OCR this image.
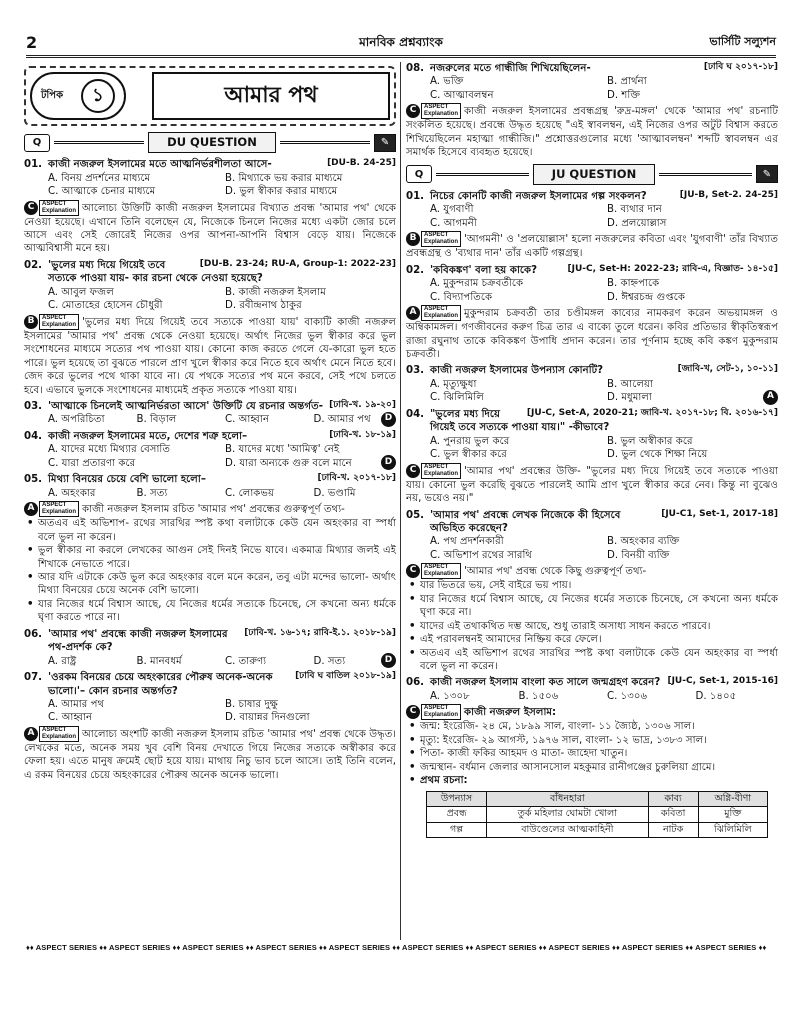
2	মানবিক প্রশ্নব্যাংক	ভার্সিটি সল্যুশন
টপিক	১	আমার পথ
Q	DU QUESTION	✎
01.	[DU-B. 24-25]
কাজী নজরুল ইসলামের মতে আত্মনির্ভরশীলতা আসে-
A. বিনয় প্রদর্শনের মাধ্যমে	B. মিথ্যাকে ভয় করার মাধ্যমে
C. আত্মাকে চেনার মাধ্যমে	D. ভুল স্বীকার করার মাধ্যমে
C	ASPECT
Explanation আলোচ্য উক্তিটি কাজী নজরুল ইসলামের বিখ্যাত প্রবন্ধ 'আমার পথ' থেকে নেওয়া হয়েছে। এখানে তিনি বলেছেন যে, নিজেকে চিনলে নিজের মধ্যে একটা জোর চলে আসে এবং সেই জোরেই নিজের ওপর আপনা-আপনি বিশ্বাস বেড়ে যায়। নিজেকে আত্মবিশ্বাসী মনে হয়।
02.	[DU-B. 23-24; RU-A, Group-1: 2022-23]
'ভুলের মধ্য দিয়ে গিয়েই তবে সত্যকে পাওয়া যায়- কার রচনা থেকে নেওয়া হয়েছে?
A. আবুল ফজল	B. কাজী নজরুল ইসলাম
C. মোতাহের হোসেন চৌধুরী	D. রবীন্দ্রনাথ ঠাকুর
B	ASPECT
Explanation 'ভুলের মধ্য দিয়ে গিয়েই তবে সত্যকে পাওয়া যায়' বাক্যটি কাজী নজরুল ইসলামের 'আমার পথ' প্রবন্ধ থেকে নেওয়া হয়েছে। অর্থাৎ নিজের ভুল স্বীকার করে ভুল সংশোধনের মাধ্যমে সত্যের পথ পাওয়া যায়। কোনো কাজ করতে গেলে যে-কারো ভুল হতে পারে। ভুল হয়েছে তা বুঝতে পারলে প্রাণ খুলে স্বীকার করে নিতে হবে অর্থাৎ মেনে নিতে হবে। জেদ করে ভুলের পথে থাকা যাবে না। যে পথকে সত্যের পথ মনে করবে, সেই পথে চলতে হবে। এভাবে ভুলকে সংশোধনের মাধ্যমেই প্রকৃত সত্যকে পাওয়া যায়।
03.	[ঢাবি-খ. ১৯-২০]
'আত্মাকে চিনলেই আত্মনির্ভরতা আসে' উক্তিটি যে রচনার অন্তর্গত-
A. অপরিচিতা	B. বিড়াল	C. আহ্বান	D. আমার পথ	D
04.	[ঢাবি-খ. ১৮-১৯]
কাজী নজরুল ইসলামের মতে, দেশের শত্রু হলো–
A. যাদের মধ্যে মিথ্যার বেসাতি	B. যাদের মধ্যে 'আমিত্ব' নেই
C. যারা প্রতারণা করে	D. যারা অন্যকে গুরু বলে মানে	D
05.	[ঢাবি-খ. ২০১৭-১৮]
মিথ্যা বিনয়ের চেয়ে বেশি ভালো হলো–
A. অহংকার	B. সত্য	C. লোকভয়	D. ভণ্ডামি
A	ASPECT
Explanation কাজী নজরুল ইসলাম রচিত 'আমার পথ' প্রবন্ধের গুরুত্বপূর্ণ তথ্য-
• অতএব এই অভিশাপ- রথের সারথির স্পষ্ট কথা বলাটাকে কেউ যেন অহংকার বা স্পর্ধা বলে ভুল না করেন।
• ভুল স্বীকার না করলে লেখকের আগুন সেই দিনই নিভে যাবে। একমাত্র মিথ্যার জলই এই শিখাকে নেভাতে পারে।
• আর যদি এটাকে কেউ ভুল করে অহংকার বলে মনে করেন, তবু এটা মন্দের ভালো- অর্থাৎ মিথ্যা বিনয়ের চেয়ে অনেক বেশি ভালো।
• যার নিজের ধর্মে বিশ্বাস আছে, যে নিজের ধর্মের সত্যকে চিনেছে, সে কখনো অন্য ধর্মকে ঘৃণা করতে পারে না।
06.	[ঢাবি-খ. ১৬-১৭; রাবি-ই.১. ২০১৮-১৯]
'আমার পথ' প্রবন্ধে কাজী নজরুল ইসলামের পথ-প্রদর্শক কে?
A. রাষ্ট্র	B. মানবধর্ম	C. তারুণ্য	D. সত্য	D
07.	[ঢাবি ঘ বাতিল ২০১৮-১৯]
'ওরকম বিনয়ের চেয়ে অহংকারের পৌরুষ অনেক-অনেক ভালো।'– কোন রচনার অন্তর্গত?
A. আমার পথ	B. চাষার দুক্ষু
C. আহ্বান	D. বায়ান্নর দিনগুলো
A	ASPECT
Explanation আলোচ্য অংশটি কাজী নজরুল ইসলাম রচিত 'আমার পথ' প্রবন্ধ থেকে উদ্ধৃত। লেখকের মতে, অনেক সময় খুব বেশি বিনয় দেখাতে গিয়ে নিজের সত্যকে অস্বীকার করে ফেলা হয়। এতে মানুষ ক্রমেই ছোট হয়ে যায়। মাথায় নিচু ভাব চলে আসে। তাই তিনি বলেন, এ রকম বিনয়ের চেয়ে অহংকারের পৌরুষ অনেক অনেক ভালো।
08.	[ঢাবি ঘ ২০১৭-১৮]
নজরুলের মতে গান্ধীজি শিখিয়েছিলেন-
A. ভক্তি	B. প্রার্থনা
C. আত্মাবলম্বন	D. শক্তি
C	ASPECT
Explanation কাজী নজরুল ইসলামের প্রবন্ধগ্রন্থ 'রুদ্র-মঙ্গল' থেকে 'আমার পথ' রচনাটি সংকলিত হয়েছে। প্রবন্ধে উদ্ধৃত হয়েছে "এই স্বাবলম্বন, এই নিজের ওপর অটুট বিশ্বাস করতে শিখিয়েছিলেন মহাত্মা গান্ধীজি।" প্রশ্নোত্তরগুলোর মধ্যে 'আত্মাবলম্বন' শব্দটি স্বাবলম্বন এর সমার্থক হিসেবে ব্যবহৃত হয়েছে।
Q	JU QUESTION	✎
01.	[JU-B, Set-2. 24-25]
নিচের কোনটি কাজী নজরুল ইসলামের গল্প সংকলন?
A. যুগবাণী	B. ব্যথার দান
C. আগমনী	D. প্রলয়োল্লাস
B	ASPECT
Explanation 'আগমনী' ও 'প্রলয়োল্লাস' হলো নজরুলের কবিতা এবং 'যুগবাণী' তাঁর বিখ্যাত প্রবন্ধগ্রন্থ ও 'ব্যথার দান' তাঁর একটি গল্পগ্রন্থ।
02.	[JU-C, Set-H: 2022-23; রাবি-এ, বিজ্ঞাত- ১৪-১৫]
'কবিকঙ্কণ' বলা হয় কাকে?
A. মুকুন্দরাম চক্রবর্তীকে	B. কাহ্নপাকে
C. বিদ্যাপতিকে	D. ঈশ্বরচন্দ্র গুপ্তকে
A	ASPECT
Explanation মুকুন্দরাম চক্রবর্তী তার চণ্ডীমঙ্গল কাব্যের নামকরণ করেন অভয়ামঙ্গল ও অম্বিকামঙ্গল। গণজীবনের করুণ চিত্র তার এ বাক্যে তুলে ধরেন। কবির প্রতিভার স্বীকৃতিস্বরূপ রাজা রঘুনাথ তাকে কবিকঙ্কণ উপাধি প্রদান করেন। তার পূর্ণনাম হচ্ছে কবি কঙ্কণ মুকুন্দরাম চক্রবর্তী।
03.	[জাবি-খ, সেট-১, ১০-১১]
কাজী নজরুল ইসলামের উপন্যাস কোনটি?
A. মৃত্যুক্ষুধা	B. আলেয়া
C. ঝিলিমিলি	D. মধুমালা	A
04.	[JU-C, Set-A, 2020-21; জাবি-খ. ২০১৭-১৮; বি. ২০১৬-১৭]
"ভুলের মধ্য দিয়ে গিয়েই তবে সত্যকে পাওয়া যায়।" -কীভাবে?
A. পুনরায় ভুল করে	B. ভুল অস্বীকার করে
C. ভুল স্বীকার করে	D. ভুল থেকে শিক্ষা নিয়ে
C	ASPECT
Explanation 'আমার পথ' প্রবন্ধের উক্তি- "ভুলের মধ্য দিয়ে গিয়েই তবে সত্যকে পাওয়া যায়। কোনো ভুল করেছি বুঝতে পারলেই আমি প্রাণ খুলে স্বীকার করে নেব। কিন্তু না বুঝেও নয়, ভয়েও নয়।"
05.	[JU-C1, Set-1, 2017-18]
'আমার পথ' প্রবন্ধে লেখক নিজেকে কী হিসেবে অভিহিত করেছেন?
A. পথ প্রদর্শনকারী	B. অহংকার ব্যক্তি
C. অভিশাপ রথের সারথি	D. বিনয়ী ব্যক্তি
C	ASPECT
Explanation 'আমার পথ' প্রবন্ধ থেকে কিছু গুরুত্বপূর্ণ তথ্য-
• যার ভিতরে ভয়, সেই বাইরে ভয় পায়।
• যার নিজের ধর্মে বিশ্বাস আছে, যে নিজের ধর্মের সত্যকে চিনেছে, সে কখনো অন্য ধর্মকে ঘৃণা করে না।
• যাদের এই তথাকথিত দম্ভ আছে, শুধু তারাই অসাধ্য সাধন করতে পারবে।
• এই পরাবলম্বনই আমাদের নিষ্ক্রিয় করে ফেলে।
• অতএব এই অভিশাপ রথের সারথির স্পষ্ট কথা বলাটাকে কেউ যেন অহংকার বা স্পর্ধা বলে ভুল না করেন।
06.	[JU-C, Set-1, 2015-16]
কাজী নজরুল ইসলাম বাংলা কত সালে জন্মগ্রহণ করেন?
A. ১৩০৮	B. ১৫০৬	C. ১৩০৬	D. ১৪০৫
C	ASPECT
Explanation কাজী নজরুল ইসলাম:
• জন্ম: ইংরেজি- ২৪ মে, ১৮৯৯ সাল, বাংলা- ১১ জ্যৈষ্ঠ, ১৩০৬ সাল।
• মৃত্যু: ইংরেজি- ২৯ আগস্ট, ১৯৭৬ সাল, বাংলা- ১২ ভাদ্র, ১৩৮৩ সাল।
• পিতা- কাজী ফকির আহমদ ও মাতা- জাহেদা খাতুন।
• জন্মস্থান- বর্ধমান জেলার আসানসোল মহকুমার রানীগঞ্জের চুরুলিয়া গ্রামে।
• প্রথম রচনা:
উপন্যাস	বাঁধনহারা	কাব্য	অগ্নি-বীণা
প্রবন্ধ	তুর্ক মহিলার ঘোমটা খোলা	কবিতা	মুক্তি
গল্প	বাউণ্ডেলের আত্মকাহিনী	নাটক	ঝিলিমিলি
♦♦ ASPECT SERIES ♦♦ ASPECT SERIES ♦♦ ASPECT SERIES ♦♦ ASPECT SERIES ♦♦ ASPECT SERIES ♦♦ ASPECT SERIES ♦♦ ASPECT SERIES ♦♦ ASPECT SERIES ♦♦ ASPECT SERIES ♦♦ ASPECT SERIES ♦♦
